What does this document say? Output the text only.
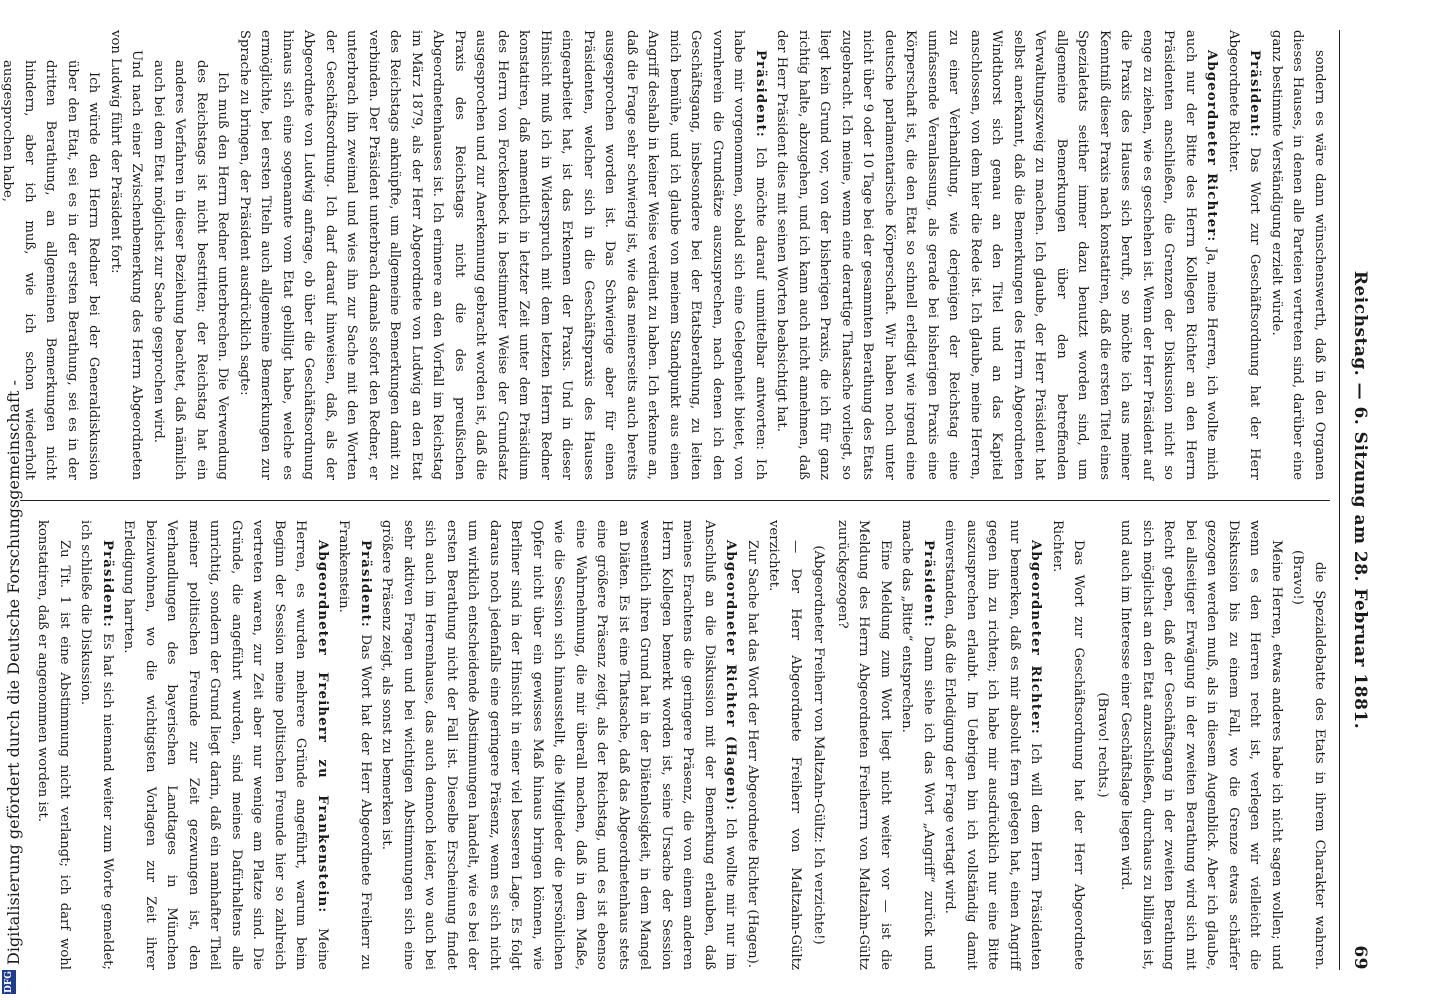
Reichstag. — 6. Sitzung am 28. Februar 1881.
69

sondern es wäre dann wünschenswerth, daß in den Organen dieses Hauses, in denen alle Parteien vertreten sind, darüber eine ganz bestimmte Verständigung erzielt würde.

Präsident: Das Wort zur Geschäftsordnung hat der Herr Abgeordnete Richter.

Abgeordneter Richter: Ja, meine Herren, ich wollte mich auch nur der Bitte des Herrn Kollegen Richter an den Herrn Präsidenten anschließen, die Grenzen der Diskussion nicht so enge zu ziehen, wie es geschehen ist. Wenn der Herr Präsident auf die Praxis des Hauses sich beruft, so möchte ich aus meiner Kenntniß dieser Praxis nach konstatiren, daß die ersten Titel eines Spezialetats seither immer dazu benutzt worden sind, um allgemeine Bemerkungen über den betreffenden Verwaltungszweig zu machen. Ich glaube, der Herr Präsident hat selbst anerkannt, daß die Bemerkungen des Herrn Abgeordneten Windthorst sich genau an den Titel und an das Kapitel anschlossen, von dem hier die Rede ist. Ich glaube, meine Herren, zu einer Verhandlung, wie derjenigen der Reichstag eine umfassende Veranlassung, als gerade bei bisherigen Praxis eine Körperschaft ist, die den Etat so schnell erledigt wie irgend eine deutsche parlamentarische Körperschaft. Wir haben noch unter nicht über 9 oder 10 Tage bei der gesammten Berathung des Etats zugebracht. Ich meine, wenn eine derartige Thatsache vorliegt, so liegt kein Grund vor, von der bisherigen Praxis, die ich für ganz richtig halte, abzugehen, und ich kann auch nicht annehmen, daß der Herr Präsident dies mit seinen Worten beabsichtigt hat.

Präsident: Ich möchte darauf unmittelbar antworten: Ich habe mir vorgenommen, sobald sich eine Gelegenheit bietet, von vornherein die Grundsätze auszusprechen, nach denen ich den Geschäftsgang, insbesondere bei der Etatsberathung, zu leiten mich bemühe, und ich glaube von meinem Standpunkt aus einen Angriff deshalb in keiner Weise verdient zu haben. Ich erkenne an, daß die Frage sehr schwierig ist, wie das meinerseits auch bereits ausgesprochen worden ist. Das Schwierige aber für einen Präsidenten, welcher sich in die Geschäftspraxis des Hauses eingearbeitet hat, ist das Erkennen der Praxis. Und in dieser Hinsicht muß ich in Widerspruch mit dem letzten Herrn Redner konstatiren, daß namentlich in letzter Zeit unter dem Präsidium des Herrn von Forckenbeck in bestimmter Weise der Grundsatz ausgesprochen und zur Anerkennung gebracht worden ist, daß die Praxis des Reichstags nicht die des preußischen Abgeordnetenhauses ist. Ich erinnere an den Vorfall im Reichstag im März 1879, als der Herr Abgeordnete von Ludwig an den Etat des Reichstags anknüpfte, um allgemeine Bemerkungen damit zu verbinden. Der Präsident unterbrach damals sofort den Redner, er unterbrach ihn zweimal und wies ihn zur Sache mit den Worten der Geschäftsordnung. Ich darf darauf hinweisen, daß, als der Abgeordnete von Ludwig anfrage, ob über die Geschäftsordnung hinaus sich eine sogenannte vom Etat gebilligt habe, welche es ermöglichte, bei ersten Titeln auch allgemeine Bemerkungen zur Sprache zu bringen, der Präsident ausdrücklich sagte:

Ich muß den Herrn Redner unterbrechen. Die Verwendung des Reichstags ist nicht bestritten; der Reichstag hat ein anderes Verfahren in dieser Beziehung beachtet, daß nämlich auch bei dem Etat möglichst zur Sache gesprochen wird.

Und nach einer Zwischenbemerkung des Herrn Abgeordneten von Ludwig führt der Präsident fort:

Ich würde den Herrn Redner bei der Generaldiskussion über den Etat, sei es in der ersten Berathung, sei es in der dritten Berathung, an allgemeinen Bemerkungen nicht hindern, aber ich muß, wie ich schon wiederholt ausgesprochen habe,

die Spezialdebatte des Etats in ihrem Charakter wahren. (Bravo!)

Meine Herren, etwas anderes habe ich nicht sagen wollen; und wenn es den Herren recht ist, verlegen wir vielleicht die Diskussion bis zu einem Fall, wo die Grenze etwas schärfer gezogen werden muß, als in diesem Augenblick. Aber ich glaube, bei allseitiger Erwägung in der zweiten Berathung wird sich mit Recht geben, daß der Geschäftsgang in der zweiten Berathung sich möglichst an den Etat anzuschließen, durchaus zu billigen ist, und auch im Interesse einer Geschäftslage liegen wird.

(Bravo! rechts.)

Das Wort zur Geschäftsordnung hat der Herr Abgeordnete Richter.

Abgeordneter Richter: Ich will dem Herrn Präsidenten nur bemerken, daß es mir absolut fern gelegen hat, einen Angriff gegen ihn zu richten; ich habe mir ausdrücklich nur eine Bitte auszusprechen erlaubt. Im Uebrigen bin ich vollständig damit einverstanden, daß die Erledigung der Frage vertagt wird.

Präsident: Dann siehe ich das Wort „Angriff“ zurück und mache das „Bitte“ entsprechen.

Eine Meldung zum Wort liegt nicht weiter vor — ist die Meldung des Herrn Abgeordneten Freiherrn von Maltzahn-Gültz zurückgezogen?

(Abgeordneter Freiherr von Maltzahn-Gültz: Ich verzichte!)

— Der Herr Abgeordnete Freiherr von Maltzahn-Gültz verzichtet.

Zur Sache hat das Wort der Herr Abgeordnete Richter (Hagen).

Abgeordneter Richter (Hagen): Ich wollte mir nur im Anschluß an die Diskussion mit der Bemerkung erlauben, daß meines Erachtens die geringere Präsenz, die von einem anderen Herrn Kollegen bemerkt worden ist, seine Ursache der Session wesentlich ihren Grund hat in der Diätenlosigkeit, in dem Mangel an Diäten. Es ist eine Thatsache, daß das Abgeordnetenhaus stets eine größere Präsenz zeigt, als der Reichstag, und es ist ebenso eine Wahrnehmung, die mir überall machen, daß in dem Maße, wie die Session sich hinausstellt, die Mitglieder die persönlichen Opfer nicht über ein gewisses Maß hinaus bringen können, wie Berliner sind in der Hinsicht in einer viel besseren Lage. Es folgt daraus noch jedenfalls eine geringere Präsenz, wenn es sich nicht um wirklich entscheidende Abstimmungen handelt, wie es bei der ersten Berathung nicht der Fall ist. Dieselbe Erscheinung findet sich auch im Herrenhause, das auch dennoch leider, wo auch bei sehr aktiven Fragen und bei wichtigen Abstimmungen sich eine größere Präsenz zeigt, als sonst zu bemerken ist.

Präsident: Das Wort hat der Herr Abgeordnete Freiherr zu Frankenstein.

Abgeordneter Freiherr zu Frankenstein: Meine Herren, es wurden mehrere Gründe angeführt, warum beim Beginn der Session meine politischen Freunde hier so zahlreich vertreten waren, zur Zeit aber nur wenige am Platze sind. Die Gründe, die angeführt wurden, sind meines Dafürhaltens alle unrichtig, sondern der Grund liegt darin, daß ein namhafter Theil meiner politischen Freunde zur Zeit gezwungen ist, den Verhandlungen des bayerischen Landtages in München beizuwohnen, wo die wichtigsten Vorlagen zur Zeit ihrer Erledigung harrten.

Präsident: Es hat sich niemand weiter zum Worte gemeldet; ich schließe die Diskussion.

Zu Tit. 1 ist eine Abstimmung nicht verlangt; ich darf wohl konstatiren, daß er angenommen worden ist.

DFG
Digitalisierung gefördert durch die Deutsche Forschungsgemeinschaft -
